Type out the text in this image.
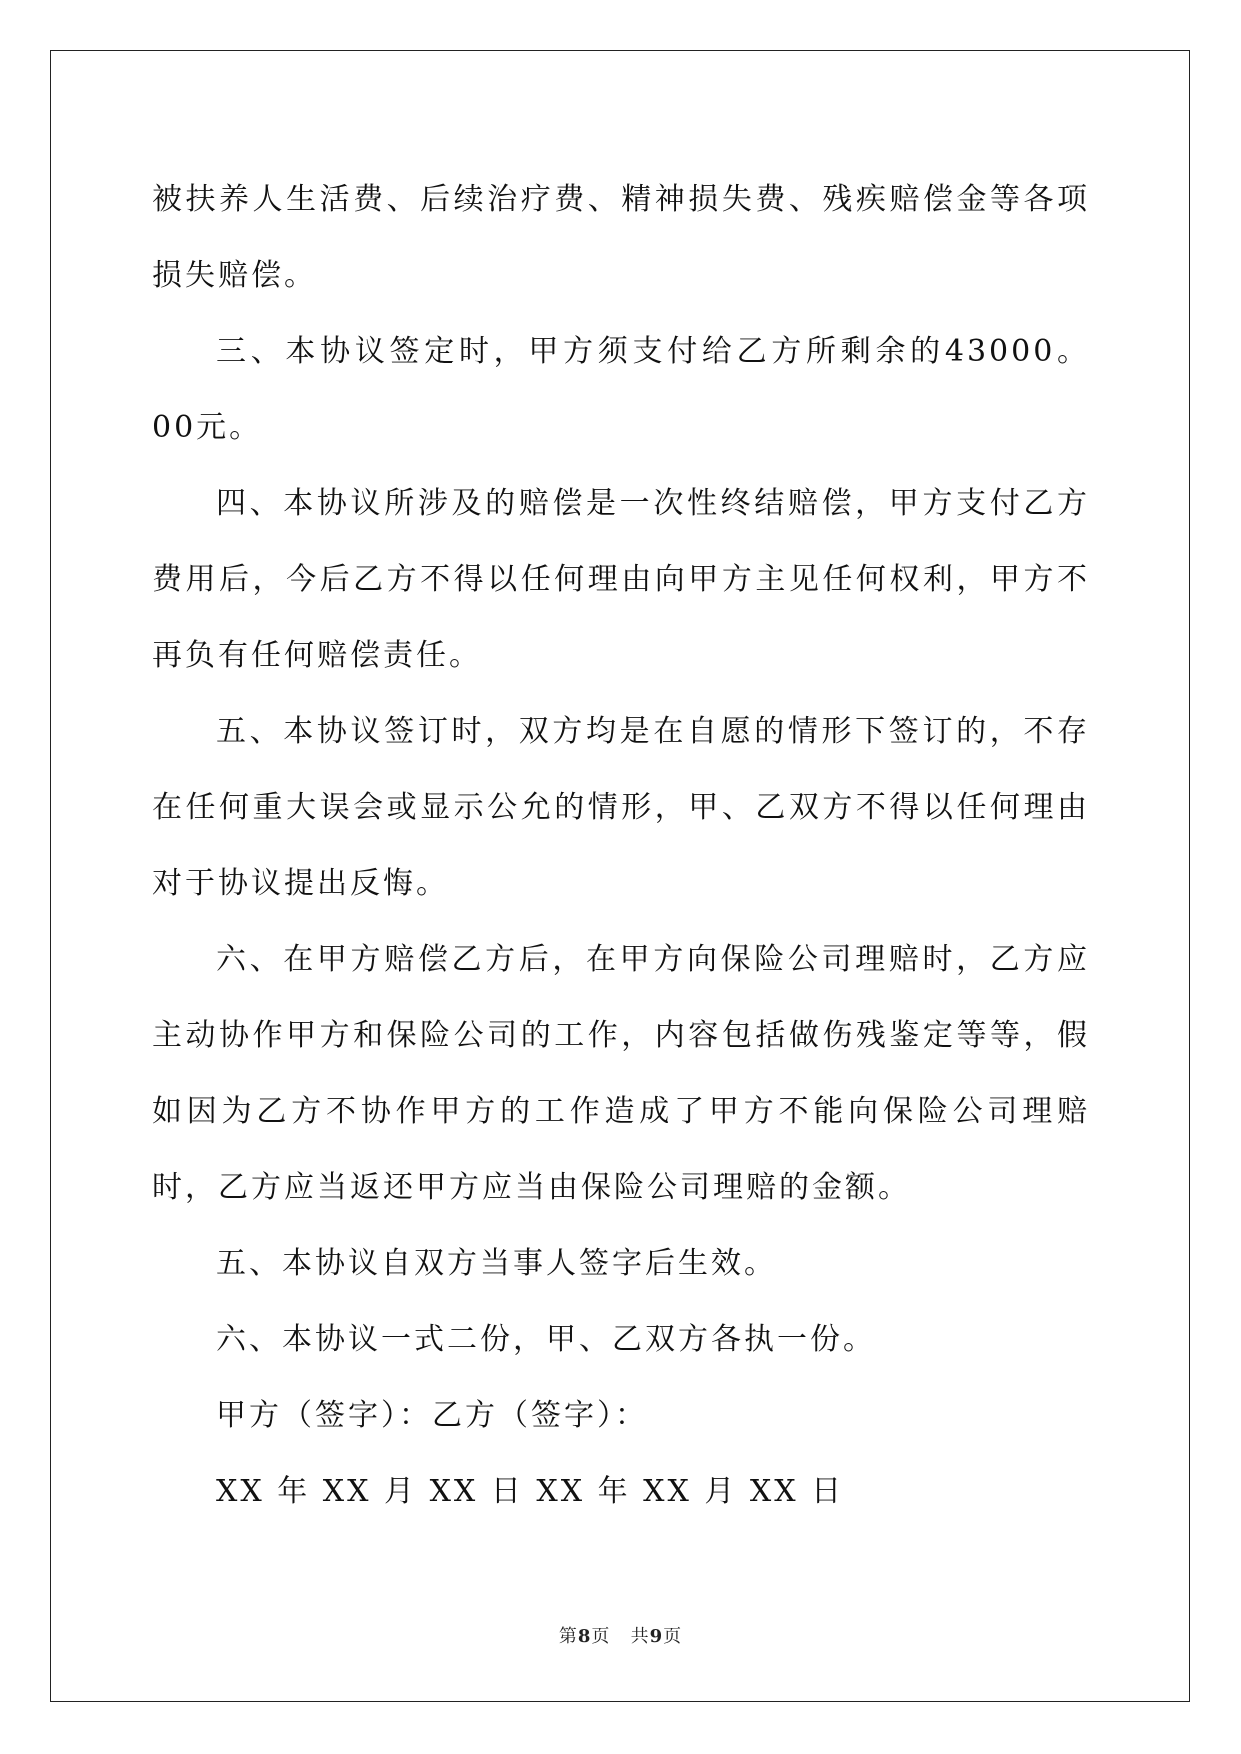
被扶养人生活费、后续治疗费、精神损失费、残疾赔偿金等各项损失赔偿。

三、本协议签定时，甲方须支付给乙方所剩余的43000。00元。

四、本协议所涉及的赔偿是一次性终结赔偿，甲方支付乙方费用后，今后乙方不得以任何理由向甲方主见任何权利，甲方不再负有任何赔偿责任。

五、本协议签订时，双方均是在自愿的情形下签订的，不存在任何重大误会或显示公允的情形，甲、乙双方不得以任何理由对于协议提出反悔。

六、在甲方赔偿乙方后，在甲方向保险公司理赔时，乙方应主动协作甲方和保险公司的工作，内容包括做伤残鉴定等等，假如因为乙方不协作甲方的工作造成了甲方不能向保险公司理赔时，乙方应当返还甲方应当由保险公司理赔的金额。

五、本协议自双方当事人签字后生效。

六、本协议一式二份，甲、乙双方各执一份。

甲方（签字）：乙方（签字）：

XX 年 XX 月 XX 日 XX 年 XX 月 XX 日

第8页 共9页
